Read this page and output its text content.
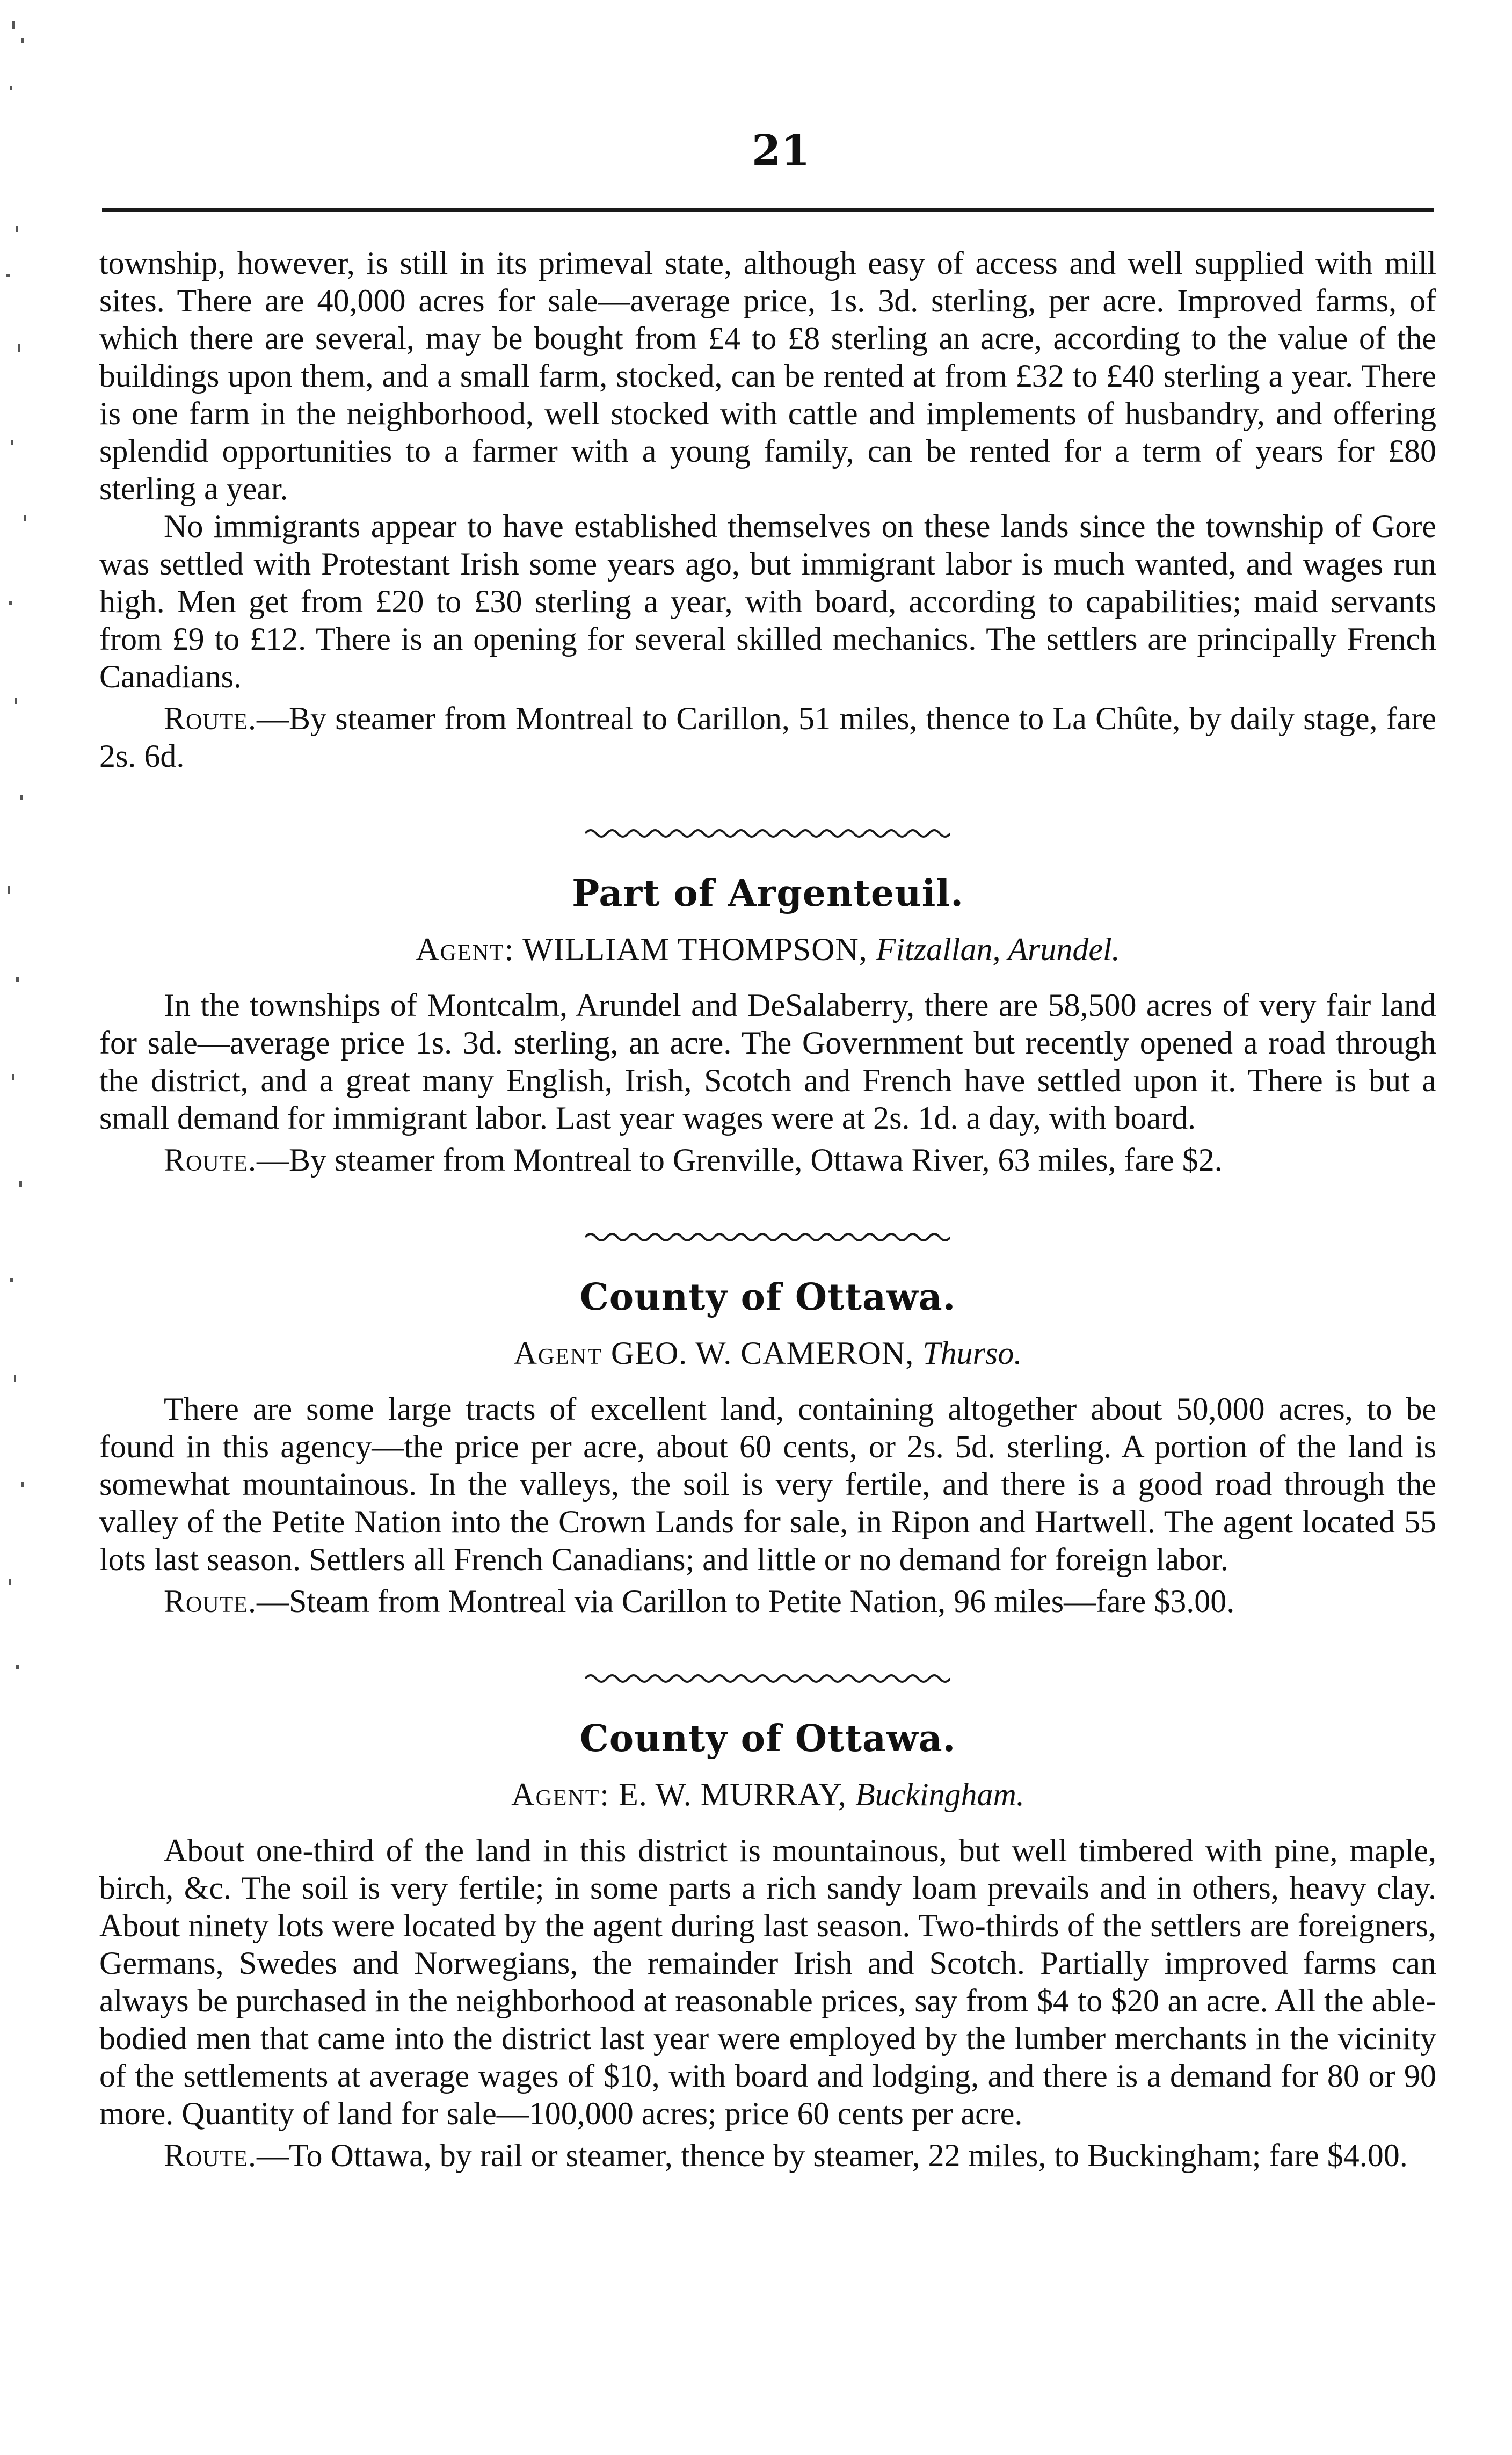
21

township, however, is still in its primeval state, although easy of access and well supplied with mill sites. There are 40,000 acres for sale—average price, 1s. 3d. sterling, per acre. Improved farms, of which there are several, may be bought from £4 to £8 sterling an acre, according to the value of the buildings upon them, and a small farm, stocked, can be rented at from £32 to £40 sterling a year. There is one farm in the neighborhood, well stocked with cattle and implements of husbandry, and offering splendid opportunities to a farmer with a young family, can be rented for a term of years for £80 sterling a year.

No immigrants appear to have established themselves on these lands since the township of Gore was settled with Protestant Irish some years ago, but immigrant labor is much wanted, and wages run high. Men get from £20 to £30 sterling a year, with board, according to capabilities; maid servants from £9 to £12. There is an opening for several skilled mechanics. The settlers are principally French Canadians.

Route.—By steamer from Montreal to Carillon, 51 miles, thence to La Chûte, by daily stage, fare 2s. 6d.

Part of Argenteuil.
Agent: WILLIAM THOMPSON, Fitzallan, Arundel.

In the townships of Montcalm, Arundel and DeSalaberry, there are 58,500 acres of very fair land for sale—average price 1s. 3d. sterling, an acre. The Government but recently opened a road through the district, and a great many English, Irish, Scotch and French have settled upon it. There is but a small demand for immigrant labor. Last year wages were at 2s. 1d. a day, with board.

Route.—By steamer from Montreal to Grenville, Ottawa River, 63 miles, fare $2.

County of Ottawa.
Agent GEO. W. CAMERON, Thurso.

There are some large tracts of excellent land, containing altogether about 50,000 acres, to be found in this agency—the price per acre, about 60 cents, or 2s. 5d. sterling. A portion of the land is somewhat mountainous. In the valleys, the soil is very fertile, and there is a good road through the valley of the Petite Nation into the Crown Lands for sale, in Ripon and Hartwell. The agent located 55 lots last season. Settlers all French Canadians; and little or no demand for foreign labor.

Route.—Steam from Montreal via Carillon to Petite Nation, 96 miles—fare $3.00.

County of Ottawa.
Agent: E. W. MURRAY, Buckingham.

About one-third of the land in this district is mountainous, but well timbered with pine, maple, birch, &c. The soil is very fertile; in some parts a rich sandy loam prevails and in others, heavy clay. About ninety lots were located by the agent during last season. Two-thirds of the settlers are foreigners, Germans, Swedes and Norwegians, the remainder Irish and Scotch. Partially improved farms can always be purchased in the neighborhood at reasonable prices, say from $4 to $20 an acre. All the able-bodied men that came into the district last year were employed by the lumber merchants in the vicinity of the settlements at average wages of $10, with board and lodging, and there is a demand for 80 or 90 more. Quantity of land for sale—100,000 acres; price 60 cents per acre.

Route.—To Ottawa, by rail or steamer, thence by steamer, 22 miles, to Buckingham; fare $4.00.
